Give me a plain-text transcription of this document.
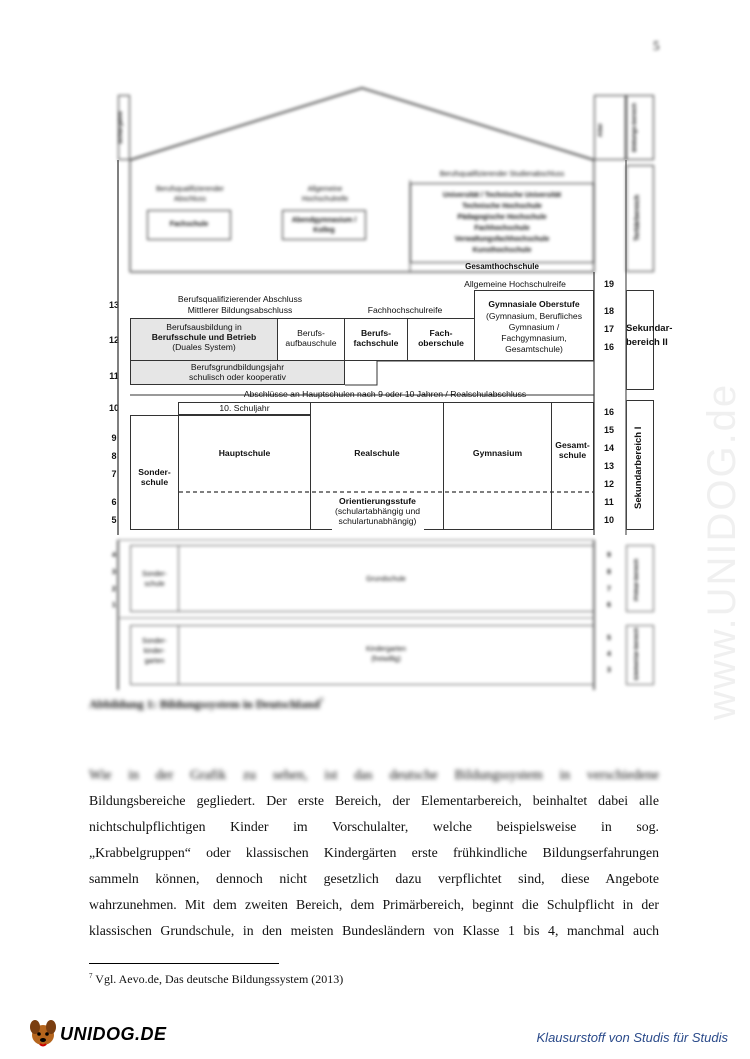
5
Schul-jahre	Alter	Bildungs-bereich
Tertiärbereich
Berufsqualifizierender Abschluss
Allgemeine Hochschulreife
Fachschule
Abendgymnasium / Kolleg
Berufsqualifizierender Studienabschluss
Universität / Technische Universität
Technische Hochschule
Pädagogische Hochschule
Fachhochschule
Verwaltungsfachhochschule
Kunsthochschule
Gesamthochschule
Allgemeine Hochschulreife
Sekundar-
bereich II
Sekundarbereich I
Berufsqualifizierender Abschluss
Mittlerer Bildungsabschluss	Fachhochschulreife
Berufsausbildung in
Berufsschule und Betrieb
(Duales System)
Berufs-
aufbauschule
Berufs-
fachschule
Fach-
oberschule
Gymnasiale Oberstufe
(Gymnasium, Berufliches Gymnasium / Fachgymnasium, Gesamtschule)
Berufsgrundbildungsjahr
schulisch oder kooperativ
Abschlüsse an Hauptschulen nach 9 oder 10 Jahren / Realschulabschluss
10. Schuljahr
Sonder-
schule
Hauptschule	Realschule	Gymnasium
Gesamt-
schule
Orientierungsstufe
(schulartabhängig und
schulartunabhängig)
13
12
11
10
9
8
7
6
5
19
18
17
16
16
15
14
13
12
11
10
Sonder-
schule
Grundschule
Sonder-
kinder-
garten
Kindergarten
(freiwillig)
4
3
2
1
9
8
7
6
5
4
3
Primar-bereich
Elementar-bereich
Abbildung 1: Bildungssystem in Deutschland$^7$	www.UNIDOG.de
Wie in der Grafik zu sehen, ist das deutsche Bildungssystem in verschiedene
Bildungsbereiche gegliedert. Der erste Bereich, der Elementarbereich, beinhaltet dabei alle
nichtschulpflichtigen Kinder im Vorschulalter, welche beispielsweise in sog.
„Krabbelgruppen“ oder klassischen Kindergärten erste frühkindliche Bildungserfahrungen
sammeln können, dennoch nicht gesetzlich dazu verpflichtet sind, diese Angebote
wahrzunehmen. Mit dem zweiten Bereich, dem Primärbereich, beginnt die Schulpflicht in der
klassischen Grundschule, in den meisten Bundesländern von Klasse 1 bis 4, manchmal auch
$^7$ Vgl. Aevo.de, Das deutsche Bildungssystem (2013)
UNIDOG.DE	Klausurstoff von Studis für Studis
